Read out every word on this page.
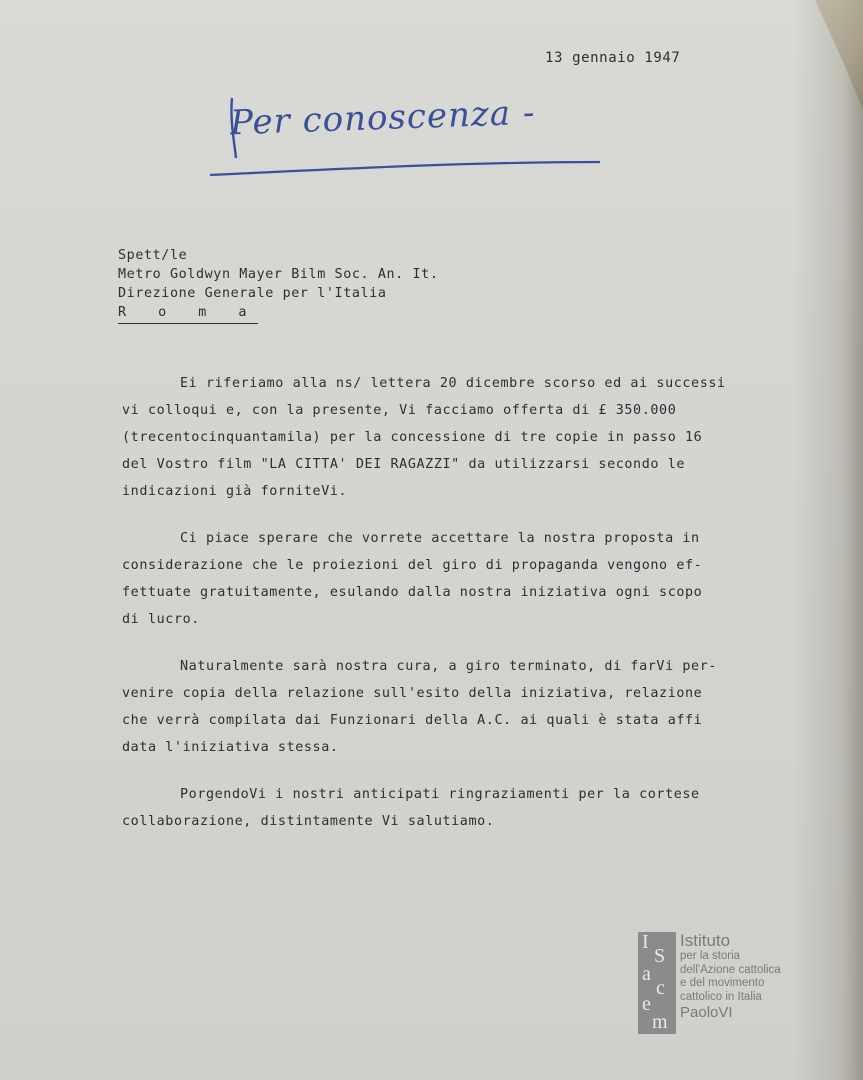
13 gennaio 1947
Per conoscenza -
Spett/le
Metro Goldwyn Mayer Bilm Soc. An. It.
Direzione Generale per l'Italia
R o m a
Ei riferiamo alla ns/ lettera 20 dicembre scorso ed ai successi
vi colloqui e, con la presente, Vi facciamo offerta di £ 350.000
(trecentocinquantamila) per la concessione di tre copie in passo 16
del Vostro film "LA CITTA' DEI RAGAZZI" da utilizzarsi secondo le
indicazioni già forniteVi.
Ci piace sperare che vorrete accettare la nostra proposta in
considerazione che le proiezioni del giro di propaganda vengono ef-
fettuate gratuitamente, esulando dalla nostra iniziativa ogni scopo
di lucro.
Naturalmente sarà nostra cura, a giro terminato, di farVi per-
venire copia della relazione sull'esito della iniziativa, relazione
che verrà compilata dai Funzionari della A.C. ai quali è stata affi
data l'iniziativa stessa.
PorgendoVi i nostri anticipati ringraziamenti per la cortese
collaborazione, distintamente Vi salutiamo.
I
S
a
c
e
m
Istituto
per la storia
dell'Azione cattolica
e del movimento
cattolico in Italia
PaoloVI
